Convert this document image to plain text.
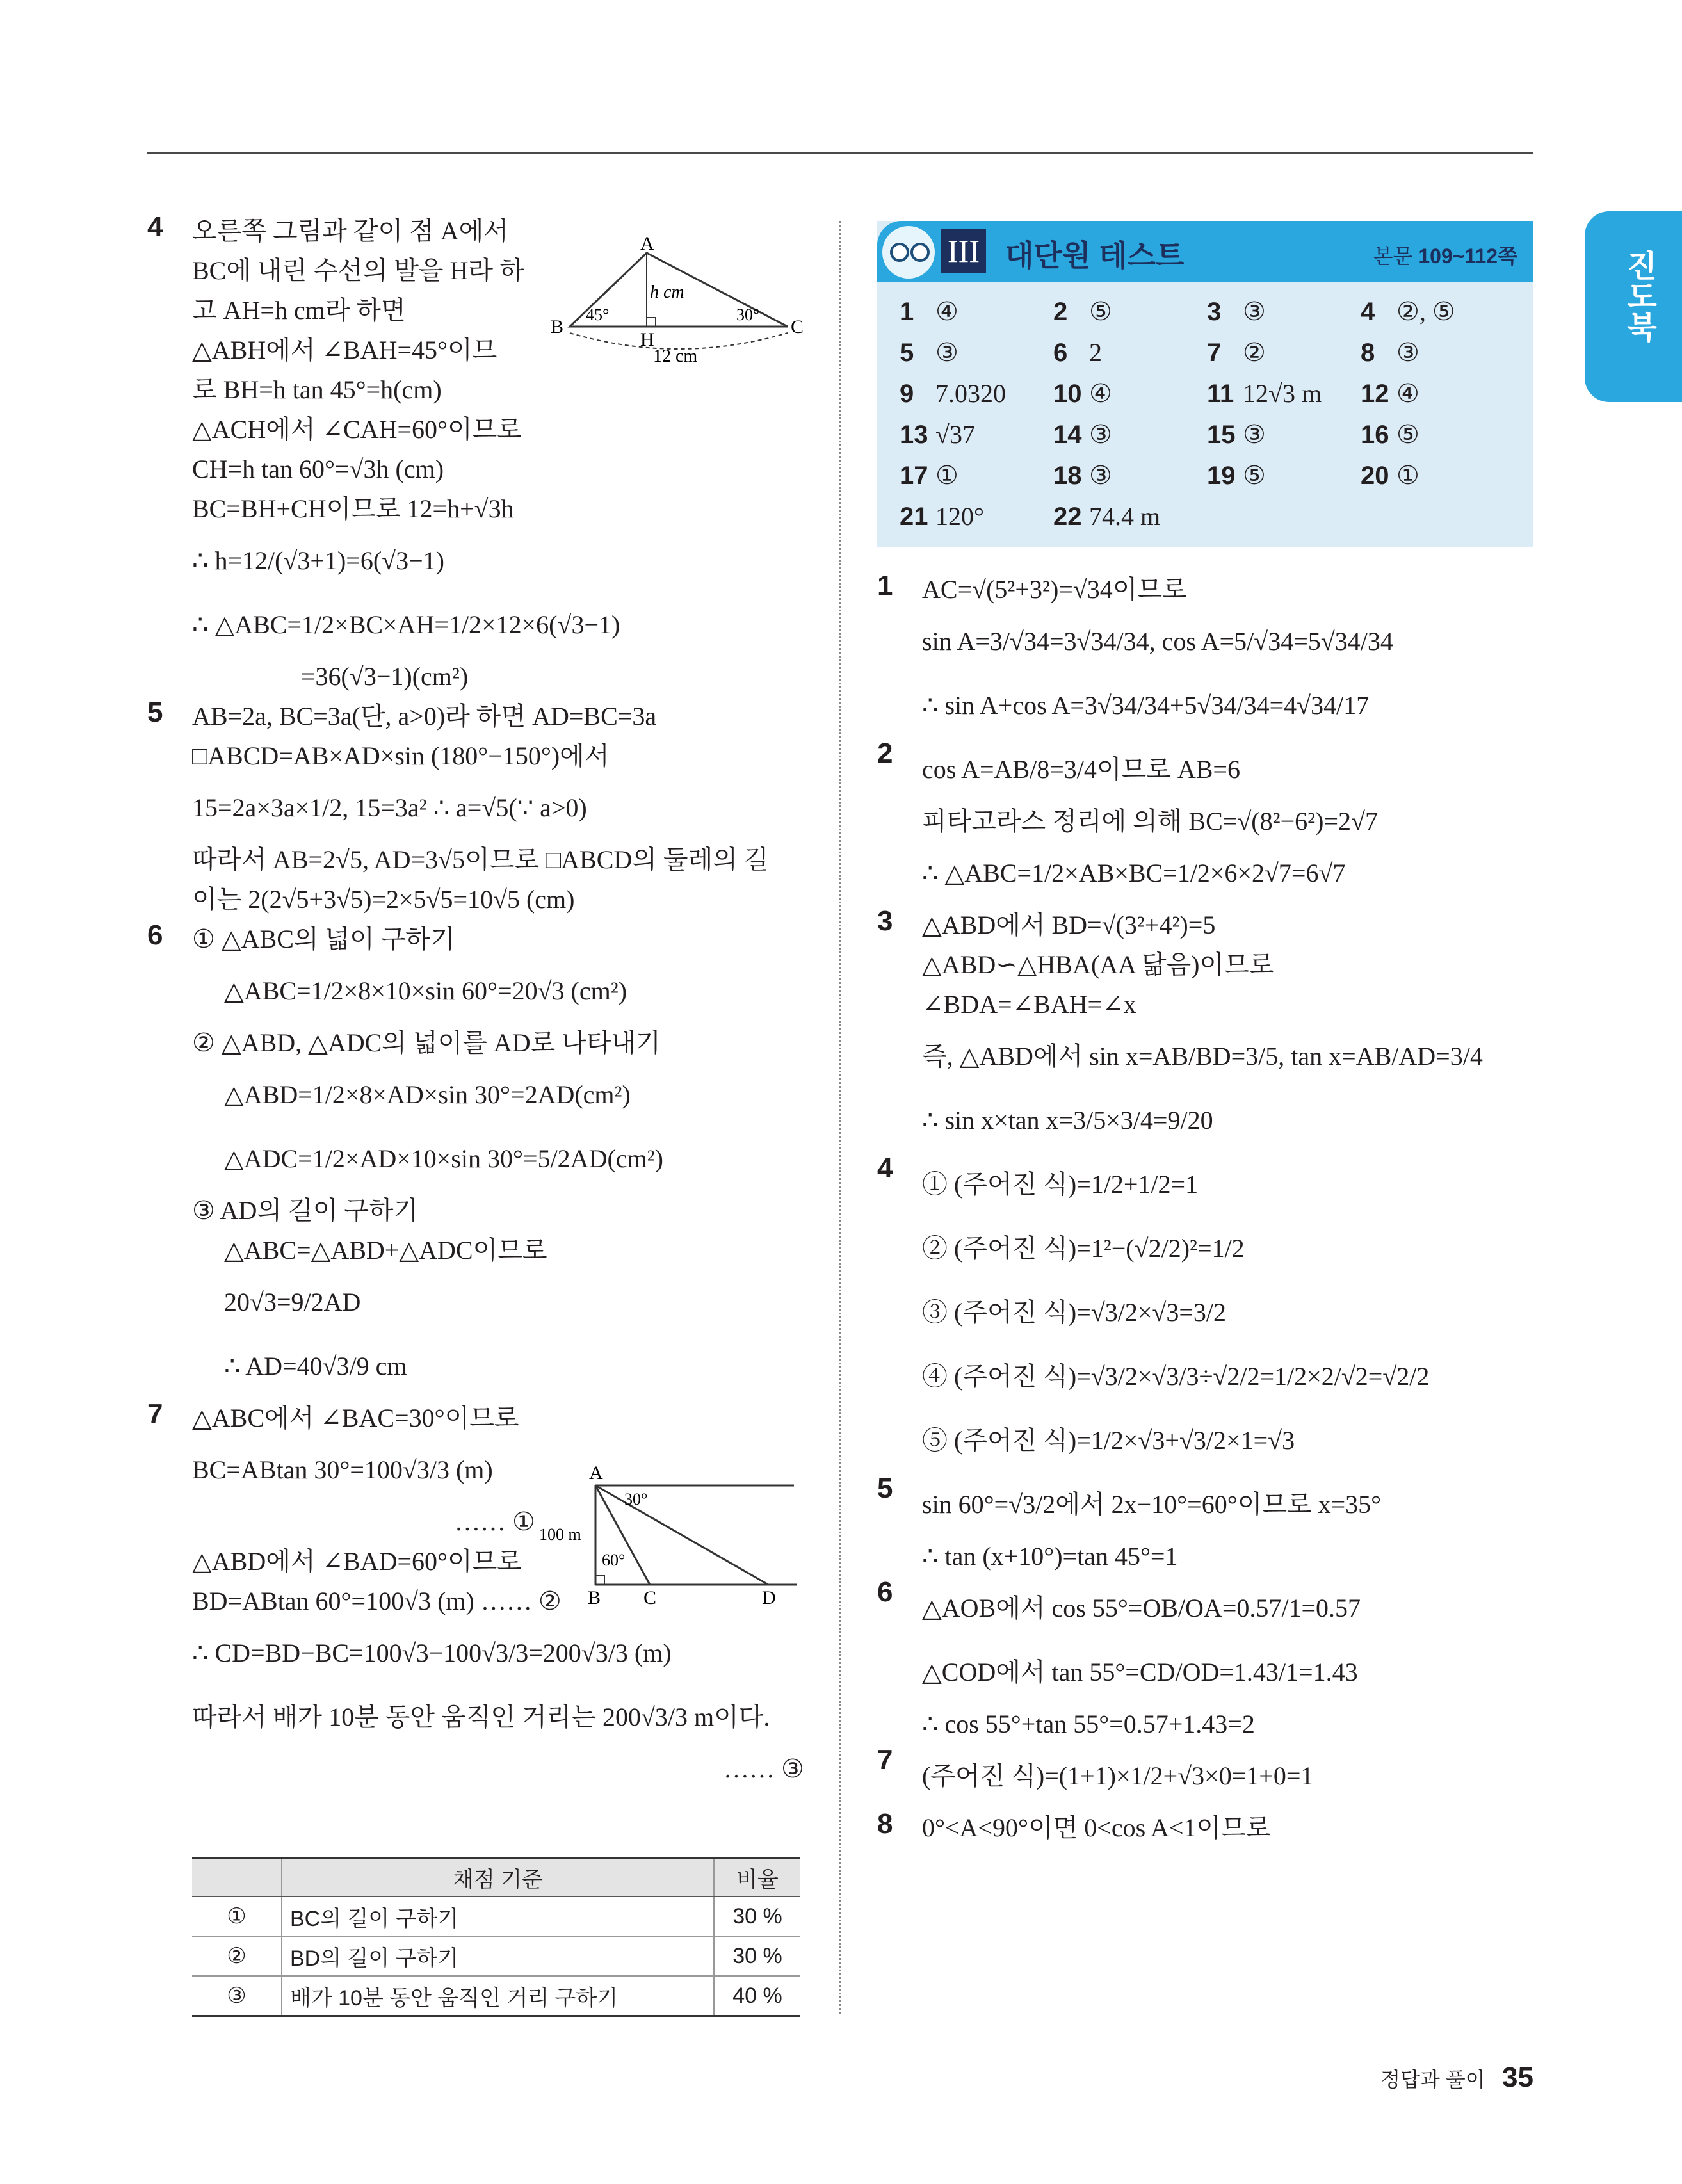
진도북
4 오른쪽 그림과 같이 점 A에서
BC에 내린 수선의 발을 H라 하
고 AH=h cm라 하면
△ABH에서 ∠BAH=45°이므
로 BH=h tan 45°=h(cm)
△ACH에서 ∠CAH=60°이므로
CH=h tan 60°=√3h (cm)
BC=BH+CH이므로 12=h+√3h
∴ h=12/(√3+1)=6(√3−1)
∴ △ABC=1/2×BC×AH=1/2×12×6(√3−1)
=36(√3−1)(cm²)
5 AB=2a, BC=3a(단, a>0)라 하면 AD=BC=3a
□ABCD=AB×AD×sin (180°−150°)에서
15=2a×3a×1/2, 15=3a² ∴ a=√5(∵ a>0)
따라서 AB=2√5, AD=3√5이므로 □ABCD의 둘레의 길
이는 2(2√5+3√5)=2×5√5=10√5 (cm)
6 ① △ABC의 넓이 구하기
△ABC=1/2×8×10×sin 60°=20√3 (cm²)
② △ABD, △ADC의 넓이를 AD로 나타내기
△ABD=1/2×8×AD×sin 30°=2AD(cm²)
△ADC=1/2×AD×10×sin 30°=5/2AD(cm²)
③ AD의 길이 구하기
△ABC=△ABD+△ADC이므로
20√3=9/2AD
∴ AD=40√3/9 cm
7 △ABC에서 ∠BAC=30°이므로
BC=ABtan 30°=100√3/3 (m)
…… ①
△ABD에서 ∠BAD=60°이므로
BD=ABtan 60°=100√3 (m) …… ②
∴ CD=BD−BC=100√3−100√3/3=200√3/3 (m)
따라서 배가 10분 동안 움직인 거리는 200√3/3 m이다.
…… ③
A
B	C
H
h cm
12 cm
45°	30°
A
B C	D
100 m
30°
60°
	채점 기준	비율
①	BC의 길이 구하기	30 %
②	BD의 길이 구하기	30 %
③	배가 10분 동안 움직인 거리 구하기	40 %
III 대단원 테스트	본문 109~112쪽
1 ④	2 ⑤	3 ③	4 ②, ⑤
5 ③	6 2	7 ②	8 ③
9 7.0320	10 ④	11 12√3 m	12 ④
13 √37	14 ③	15 ③	16 ⑤
17 ①	18 ③	19 ⑤	20 ①
21 120°	22 74.4 m
1 AC=√(5²+3²)=√34이므로
sin A=3/√34=3√34/34, cos A=5/√34=5√34/34
∴ sin A+cos A=3√34/34+5√34/34=4√34/17
2
cos A=AB/8=3/4이므로 AB=6
피타고라스 정리에 의해 BC=√(8²−6²)=2√7
∴ △ABC=1/2×AB×BC=1/2×6×2√7=6√7
3 △ABD에서 BD=√(3²+4²)=5
△ABD∽△HBA(AA 닮음)이므로
∠BDA=∠BAH=∠x
즉, △ABD에서 sin x=AB/BD=3/5, tan x=AB/AD=3/4
∴ sin x×tan x=3/5×3/4=9/20
4
① (주어진 식)=1/2+1/2=1
② (주어진 식)=1²−(√2/2)²=1/2
③ (주어진 식)=√3/2×√3=3/2
④ (주어진 식)=√3/2×√3/3÷√2/2=1/2×2/√2=√2/2
⑤ (주어진 식)=1/2×√3+√3/2×1=√3
5
sin 60°=√3/2에서 2x−10°=60°이므로 x=35°
∴ tan (x+10°)=tan 45°=1
6
△AOB에서 cos 55°=OB/OA=0.57/1=0.57
△COD에서 tan 55°=CD/OD=1.43/1=1.43
∴ cos 55°+tan 55°=0.57+1.43=2
7
(주어진 식)=(1+1)×1/2+√3×0=1+0=1
8 0°<A<90°이면 0<cos A<1이므로
정답과 풀이 35
